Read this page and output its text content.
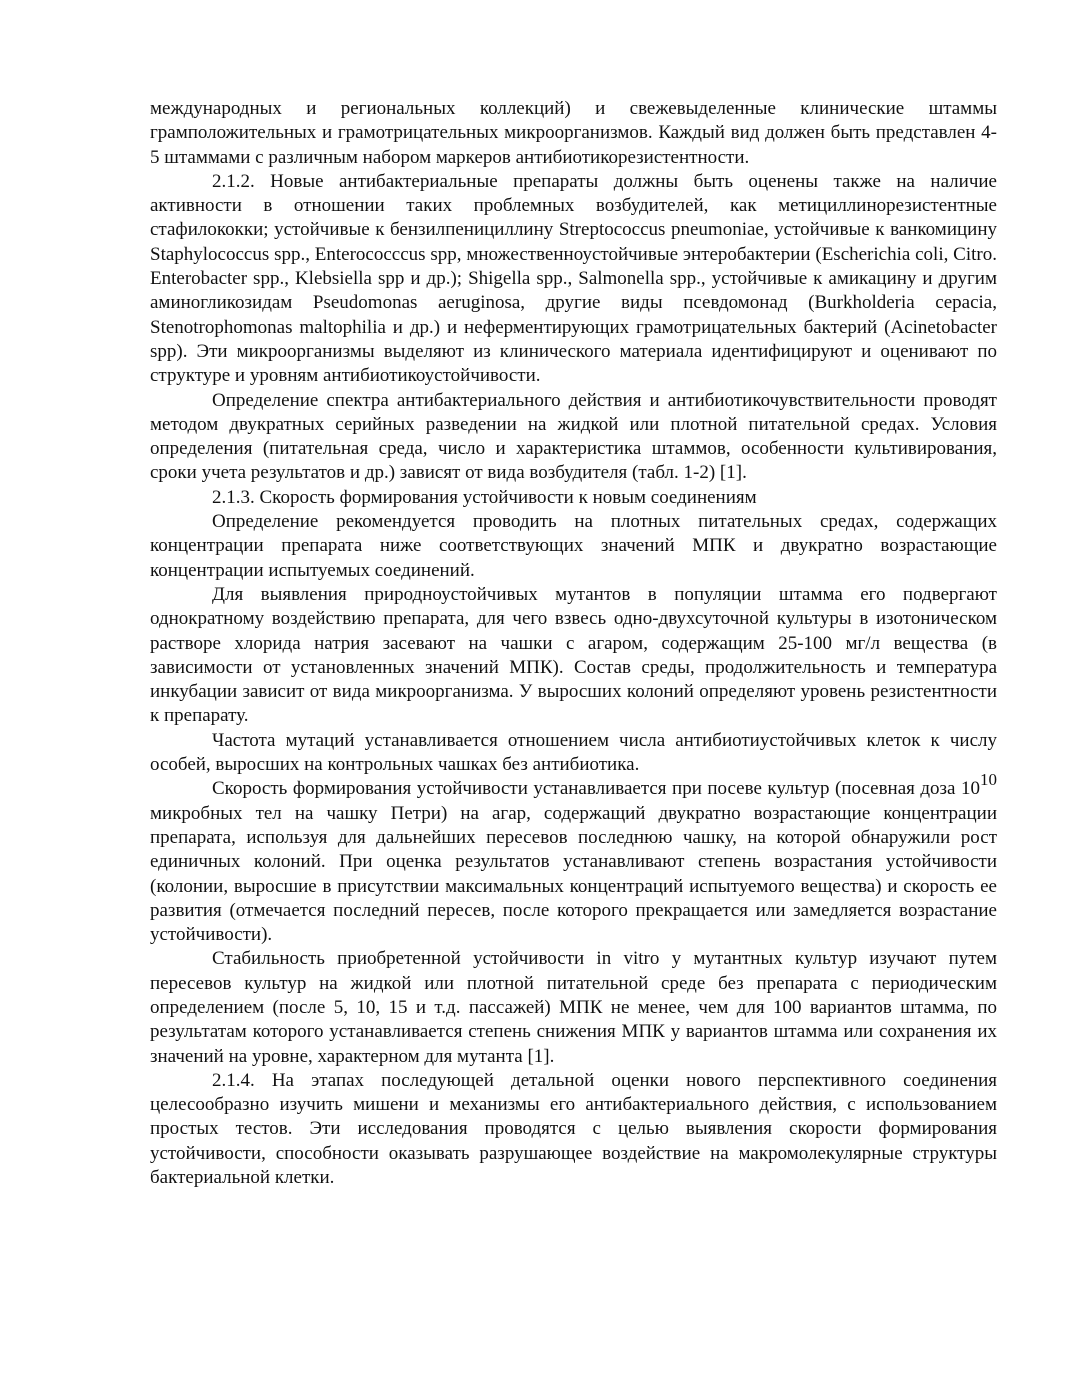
международных и региональных коллекций) и свежевыделенные клинические штаммы грамположительных и грамотрицательных микроорганизмов. Каждый вид должен быть представлен 4-5 штаммами с различным набором маркеров антибиотикорезистентности.

2.1.2. Новые антибактериальные препараты должны быть оценены также на наличие активности в отношении таких проблемных возбудителей, как метициллинорезистентные стафилококки; устойчивые к бензилпенициллину Streptococcus pneumoniae, устойчивые к ванкомицину Staphylococcus spp., Enterococccus spp, множественноустойчивые энтеробактерии (Escherichia coli, Citro. Enterobacter spp., Klebsiella spp и др.); Shigella spp., Salmonella spp., устойчивые к амикацину и другим аминогликозидам Pseudomonas aeruginosa, другие виды псевдомонад (Burkholderia cepacia, Stenotrophomonas maltophilia и др.) и неферментирующих грамотрицательных бактерий (Acinetobacter spp). Эти микроорганизмы выделяют из клинического материала идентифицируют и оценивают по структуре и уровням антибиотикоустойчивости.

Определение спектра антибактериального действия и антибиотикочувствительности проводят методом двукратных серийных разведении на жидкой или плотной питательной средах. Условия определения (питательная среда, число и характеристика штаммов, особенности культивирования, сроки учета результатов и др.) зависят от вида возбудителя (табл. 1-2) [1].

2.1.3. Скорость формирования устойчивости к новым соединениям

Определение рекомендуется проводить на плотных питательных средах, содержащих концентрации препарата ниже соответствующих значений МПК и двукратно возрастающие концентрации испытуемых соединений.

Для выявления природноустойчивых мутантов в популяции штамма его подвергают однократному воздействию препарата, для чего взвесь одно-двухсуточной культуры в изотоническом растворе хлорида натрия засевают на чашки с агаром, содержащим 25-100 мг/л вещества (в зависимости от установленных значений МПК). Состав среды, продолжительность и температура инкубации зависит от вида микроорганизма. У выросших колоний определяют уровень резистентности к препарату.

Частота мутаций устанавливается отношением числа антибиотиустойчивых клеток к числу особей, выросших на контрольных чашках без антибиотика.

Скорость формирования устойчивости устанавливается при посеве культур (посевная доза 1010 микробных тел на чашку Петри) на агар, содержащий двукратно возрастающие концентрации препарата, используя для дальнейших пересевов последнюю чашку, на которой обнаружили рост единичных колоний. При оценка результатов устанавливают степень возрастания устойчивости (колонии, выросшие в присутствии максимальных концентраций испытуемого вещества) и скорость ее развития (отмечается последний пересев, после которого прекращается или замедляется возрастание устойчивости).

Стабильность приобретенной устойчивости in vitro у мутантных культур изучают путем пересевов культур на жидкой или плотной питательной среде без препарата с периодическим определением (после 5, 10, 15 и т.д. пассажей) МПК не менее, чем для 100 вариантов штамма, по результатам которого устанавливается степень снижения МПК у вариантов штамма или сохранения их значений на уровне, характерном для мутанта [1].

2.1.4. На этапах последующей детальной оценки нового перспективного соединения целесообразно изучить мишени и механизмы его антибактериального действия, с использованием простых тестов. Эти исследования проводятся с целью выявления скорости формирования устойчивости, способности оказывать разрушающее воздействие на макромолекулярные структуры бактериальной клетки.
